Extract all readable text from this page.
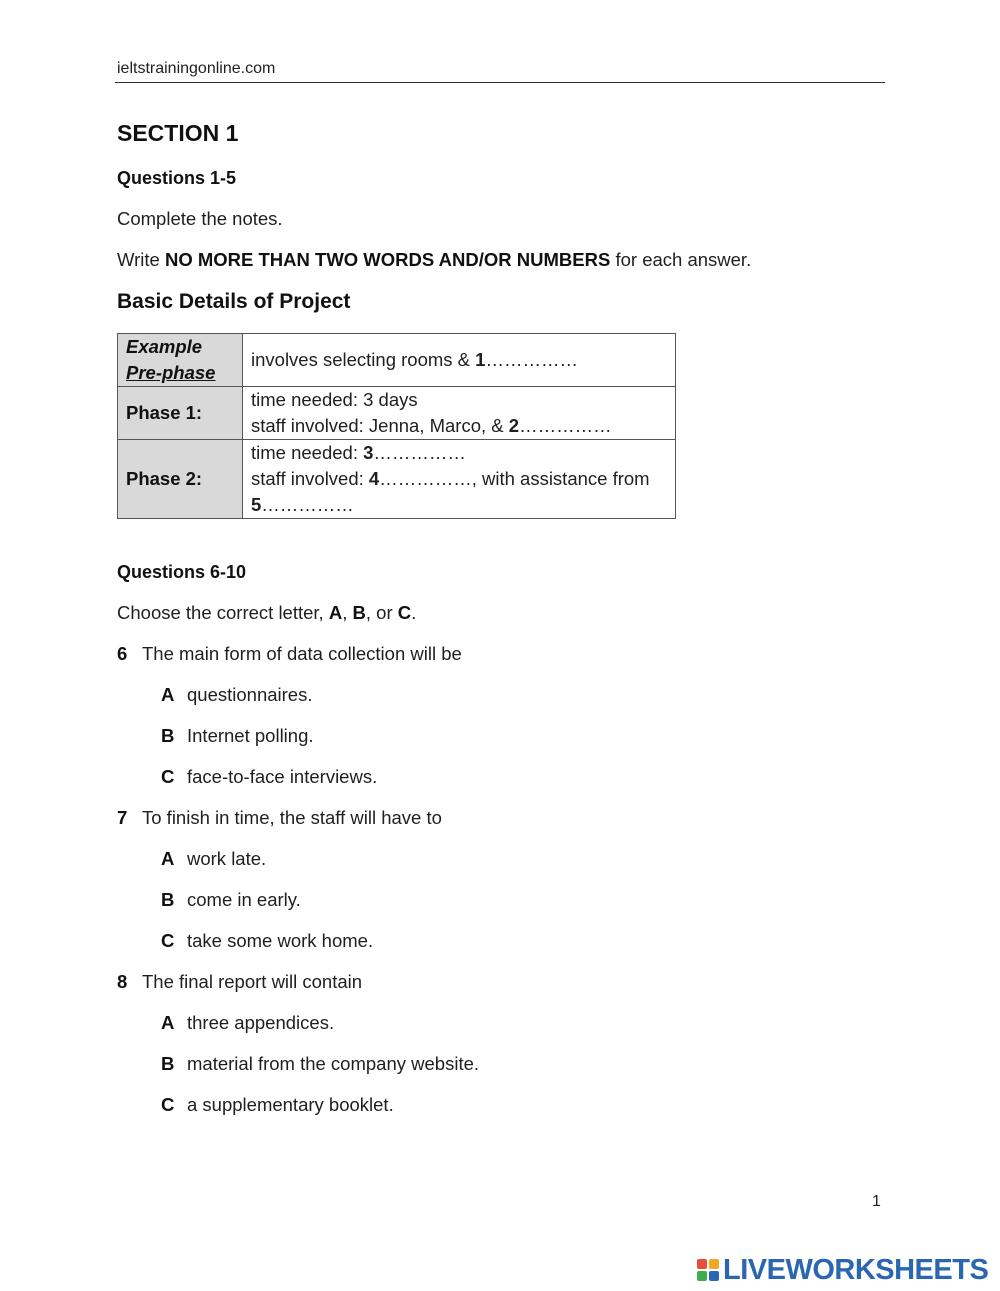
ieltstrainingonline.com
SECTION 1
Questions 1-5
Complete the notes.
Write NO MORE THAN TWO WORDS AND/OR NUMBERS for each answer.
Basic Details of Project
Example
Pre-phase	involves selecting rooms & 1……………
Phase 1:	time needed: 3 days
staff involved: Jenna, Marco, & 2……………

Phase 2:	time needed: 3……………
staff involved: 4……………, with assistance from
5……………
Questions 6-10
Choose the correct letter, A, B, or C.
6 The main form of data collection will be
A questionnaires.
B Internet polling.
C face-to-face interviews.
7 To finish in time, the staff will have to
A work late.
B come in early.
C take some work home.
8 The final report will contain
A three appendices.
B material from the company website.
C a supplementary booklet.
1
LIVEWORKSHEETS
